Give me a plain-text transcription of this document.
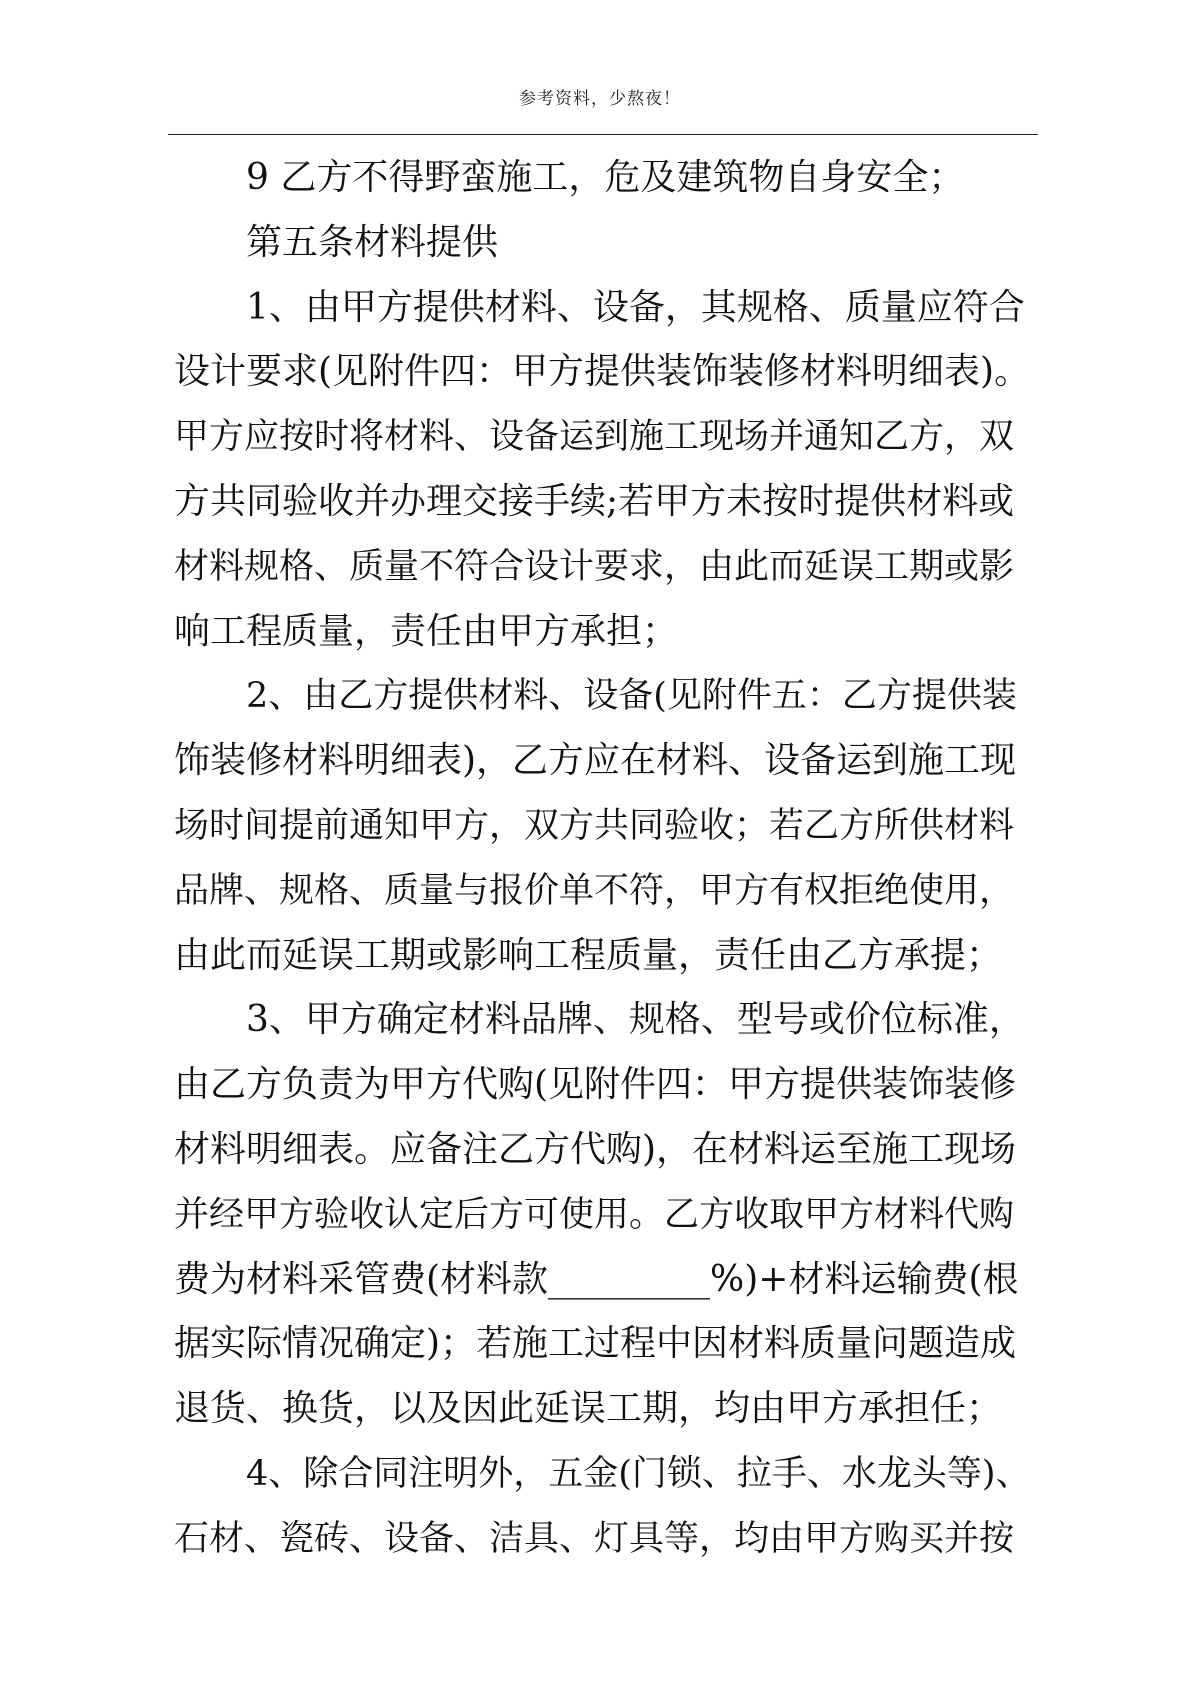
参考资料，少熬夜！
9 乙方不得野蛮施工，危及建筑物自身安全；
第五条材料提供
1、由甲方提供材料、设备，其规格、质量应符合
设计要求(见附件四：甲方提供装饰装修材料明细表)。
甲方应按时将材料、设备运到施工现场并通知乙方，双
方共同验收并办理交接手续;若甲方未按时提供材料或
材料规格、质量不符合设计要求，由此而延误工期或影
响工程质量，责任由甲方承担；
2、由乙方提供材料、设备(见附件五：乙方提供装
饰装修材料明细表)，乙方应在材料、设备运到施工现
场时间提前通知甲方，双方共同验收；若乙方所供材料
品牌、规格、质量与报价单不符，甲方有权拒绝使用，
由此而延误工期或影响工程质量，责任由乙方承提；
3、甲方确定材料品牌、规格、型号或价位标准，
由乙方负责为甲方代购(见附件四：甲方提供装饰装修
材料明细表。应备注乙方代购)，在材料运至施工现场
并经甲方验收认定后方可使用。乙方收取甲方材料代购
费为材料采管费(材料款_________%)+材料运输费(根
据实际情况确定)；若施工过程中因材料质量问题造成
退货、换货，以及因此延误工期，均由甲方承担任；
4、除合同注明外，五金(门锁、拉手、水龙头等)、
石材、瓷砖、设备、洁具、灯具等，均由甲方购买并按
